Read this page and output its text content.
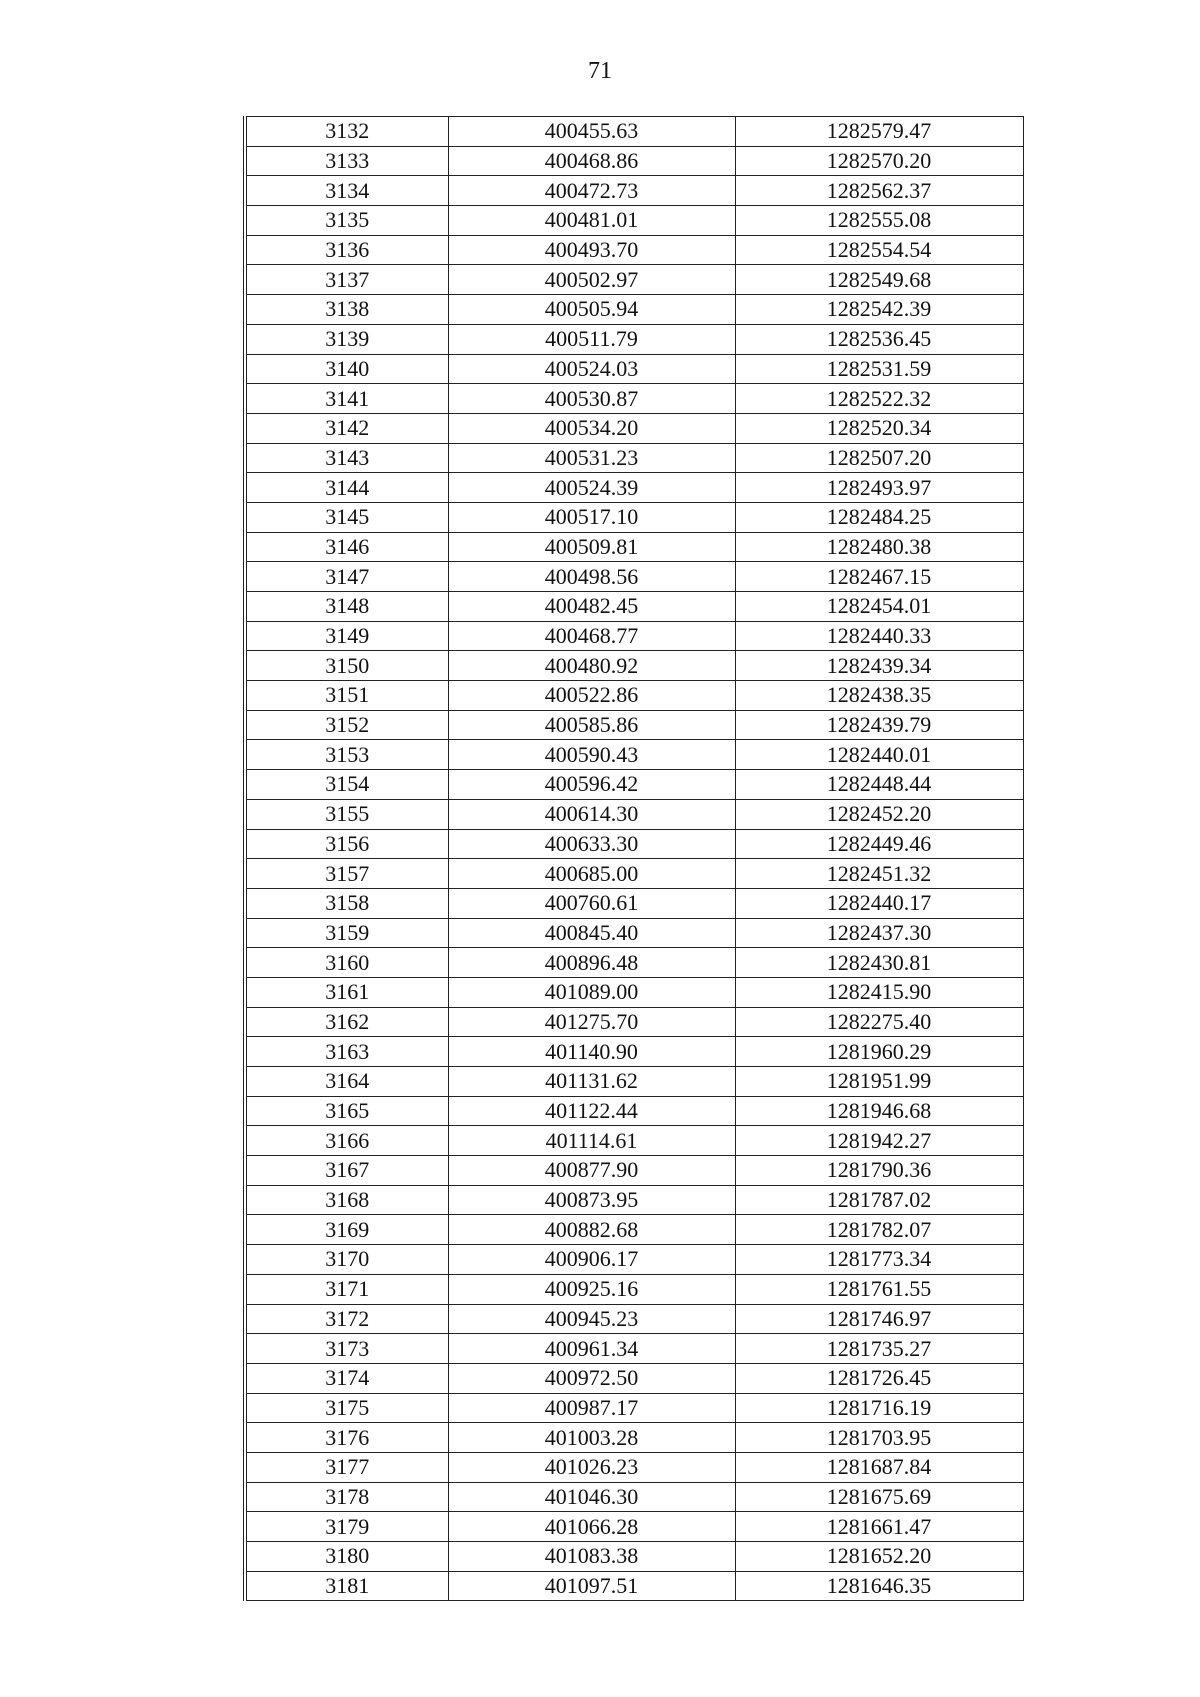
71
3132	400455.63	1282579.47
3133	400468.86	1282570.20
3134	400472.73	1282562.37
3135	400481.01	1282555.08
3136	400493.70	1282554.54
3137	400502.97	1282549.68
3138	400505.94	1282542.39
3139	400511.79	1282536.45
3140	400524.03	1282531.59
3141	400530.87	1282522.32
3142	400534.20	1282520.34
3143	400531.23	1282507.20
3144	400524.39	1282493.97
3145	400517.10	1282484.25
3146	400509.81	1282480.38
3147	400498.56	1282467.15
3148	400482.45	1282454.01
3149	400468.77	1282440.33
3150	400480.92	1282439.34
3151	400522.86	1282438.35
3152	400585.86	1282439.79
3153	400590.43	1282440.01
3154	400596.42	1282448.44
3155	400614.30	1282452.20
3156	400633.30	1282449.46
3157	400685.00	1282451.32
3158	400760.61	1282440.17
3159	400845.40	1282437.30
3160	400896.48	1282430.81
3161	401089.00	1282415.90
3162	401275.70	1282275.40
3163	401140.90	1281960.29
3164	401131.62	1281951.99
3165	401122.44	1281946.68
3166	401114.61	1281942.27
3167	400877.90	1281790.36
3168	400873.95	1281787.02
3169	400882.68	1281782.07
3170	400906.17	1281773.34
3171	400925.16	1281761.55
3172	400945.23	1281746.97
3173	400961.34	1281735.27
3174	400972.50	1281726.45
3175	400987.17	1281716.19
3176	401003.28	1281703.95
3177	401026.23	1281687.84
3178	401046.30	1281675.69
3179	401066.28	1281661.47
3180	401083.38	1281652.20
3181	401097.51	1281646.35
